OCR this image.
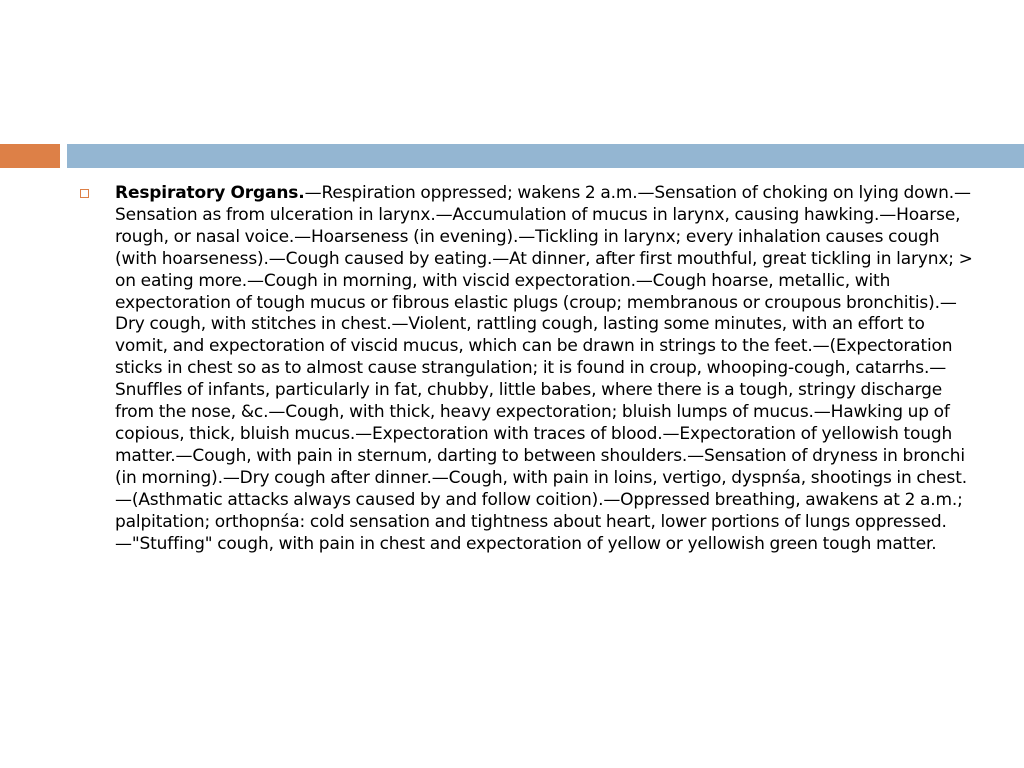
Respiratory Organs.—Respiration oppressed; wakens 2 a.m.—Sensation of choking on lying down.—Sensation as from ulceration in larynx.—Accumulation of mucus in larynx, causing hawking.—Hoarse, rough, or nasal voice.—Hoarseness (in evening).—Tickling in larynx; every inhalation causes cough (with hoarseness).—Cough caused by eating.—At dinner, after first mouthful, great tickling in larynx; > on eating more.—Cough in morning, with viscid expectoration.—Cough hoarse, metallic, with expectoration of tough mucus or fibrous elastic plugs (croup; membranous or croupous bronchitis).—Dry cough, with stitches in chest.—Violent, rattling cough, lasting some minutes, with an effort to vomit, and expectoration of viscid mucus, which can be drawn in strings to the feet.—(Expectoration sticks in chest so as to almost cause strangulation; it is found in croup, whooping-cough, catarrhs.—Snuffles of infants, particularly in fat, chubby, little babes, where there is a tough, stringy discharge from the nose, &c.—Cough, with thick, heavy expectoration; bluish lumps of mucus.—Hawking up of copious, thick, bluish mucus.—Expectoration with traces of blood.—Expectoration of yellowish tough matter.—Cough, with pain in sternum, darting to between shoulders.—Sensation of dryness in bronchi (in morning).—Dry cough after dinner.—Cough, with pain in loins, vertigo, dyspnśa, shootings in chest.—(Asthmatic attacks always caused by and follow coition).—Oppressed breathing, awakens at 2 a.m.; palpitation; orthopnśa: cold sensation and tightness about heart, lower portions of lungs oppressed.—"Stuffing" cough, with pain in chest and expectoration of yellow or yellowish green tough matter.
